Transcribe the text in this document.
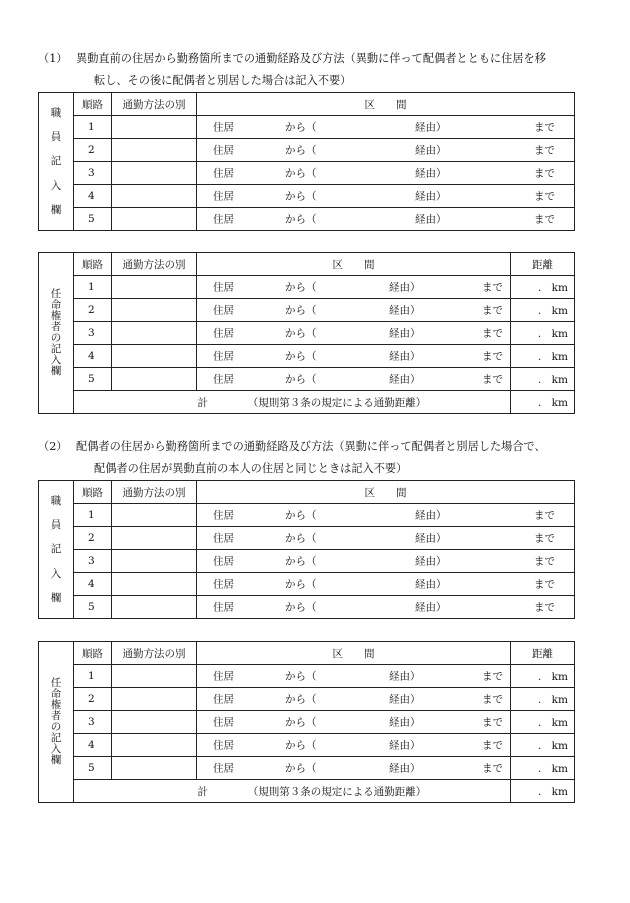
（1） 異動直前の住居から勤務箇所までの通勤経路及び方法（異動に伴って配偶者とともに住居を移
転し、その後に配偶者と別居した場合は記入不要）
職員記入欄	順路	通勤方法の別	区　　間
	1		住居 から（ 経由） まで

	2		住居 から（ 経由） まで

	3		住居 から（ 経由） まで

	4		住居 から（ 経由） まで

	5		住居 から（ 経由） まで
任命権者の記入欄	順路	通勤方法の別	区　　間	距離
	1		住居 から（ 経由） まで	.　km
	2		住居 から（ 経由） まで	.　km
	3		住居 から（ 経由） まで	.　km
	4		住居 から（ 経由） まで	.　km
	5		住居 から（ 経由） まで	.　km
	計 （規則第３条の規定による通勤距離）			.　km
（2） 配偶者の住居から勤務箇所までの通勤経路及び方法（異動に伴って配偶者と別居した場合で、
配偶者の住居が異動直前の本人の住居と同じときは記入不要）
職員記入欄	順路	通勤方法の別	区　　間
	1		住居 から（ 経由） まで

	2		住居 から（ 経由） まで

	3		住居 から（ 経由） まで

	4		住居 から（ 経由） まで

	5		住居 から（ 経由） まで
任命権者の記入欄	順路	通勤方法の別	区　　間	距離
	1		住居 から（ 経由） まで	.　km
	2		住居 から（ 経由） まで	.　km
	3		住居 から（ 経由） まで	.　km
	4		住居 から（ 経由） まで	.　km
	5		住居 から（ 経由） まで	.　km
	計 （規則第３条の規定による通勤距離）			.　km
